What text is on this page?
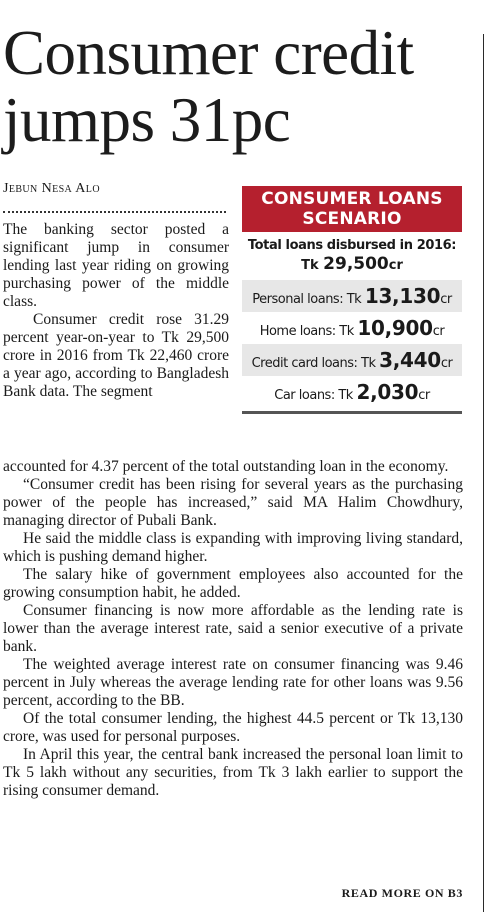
Consumer credit jumps 31pc
Jebun Nesa Alo

The banking sector posted a significant jump in consumer lending last year riding on growing purchasing power of the middle class.

Consumer credit rose 31.29 percent year-on-year to Tk 29,500 crore in 2016 from Tk 22,460 crore a year ago, according to Bangladesh Bank data. The segment

CONSUMER LOANS
SCENARIO
Total loans disbursed in 2016:
Tk 29,500cr
Personal loans: Tk 13,130cr
Home loans: Tk 10,900cr
Credit card loans: Tk 3,440cr
Car loans: Tk 2,030cr

accounted for 4.37 percent of the total outstanding loan in the economy.

“Consumer credit has been rising for several years as the purchasing power of the people has increased,” said MA Halim Chowdhury, managing director of Pubali Bank.

He said the middle class is expanding with improving living standard, which is pushing demand higher.

The salary hike of government employees also accounted for the growing consumption habit, he added.

Consumer financing is now more affordable as the lending rate is lower than the average interest rate, said a senior executive of a private bank.

The weighted average interest rate on consumer financing was 9.46 percent in July whereas the average lending rate for other loans was 9.56 percent, according to the BB.

Of the total consumer lending, the highest 44.5 percent or Tk 13,130 crore, was used for personal purposes.

In April this year, the central bank increased the personal loan limit to Tk 5 lakh without any securities, from Tk 3 lakh earlier to support the rising consumer demand.

READ MORE ON B3
